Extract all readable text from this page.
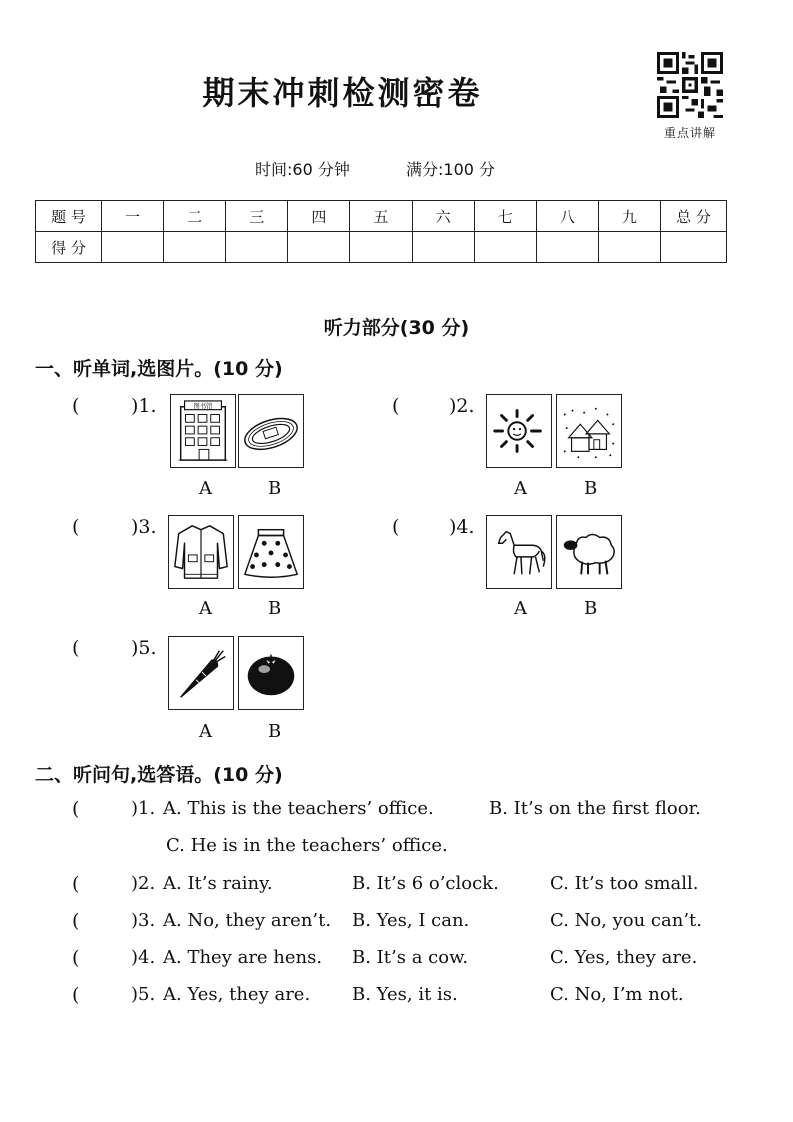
期末冲刺检测密卷
重点讲解
时间:60 分钟	满分:100 分
题 号	一	二	三	四	五	六	七	八	九	总 分
得 分										
听力部分(30 分)
一、听单词,选图片。(10 分)
(	)1.	图书馆
A	B
(	)2.
A	B
(	)3.
A	B
(	)4.
A	B
(	)5.
A	B
二、听问句,选答语。(10 分)
(	)1. A. This is the teachers’ office.	B. It’s on the first floor.
C. He is in the teachers’ office.
(	)2. A. It’s rainy.	B. It’s 6 o’clock.	C. It’s too small.
(	)3. A. No, they aren’t. B. Yes, I can.	C. No, you can’t.
(	)4. A. They are hens. B. It’s a cow.	C. Yes, they are.
(	)5. A. Yes, they are. B. Yes, it is.	C. No, I’m not.
